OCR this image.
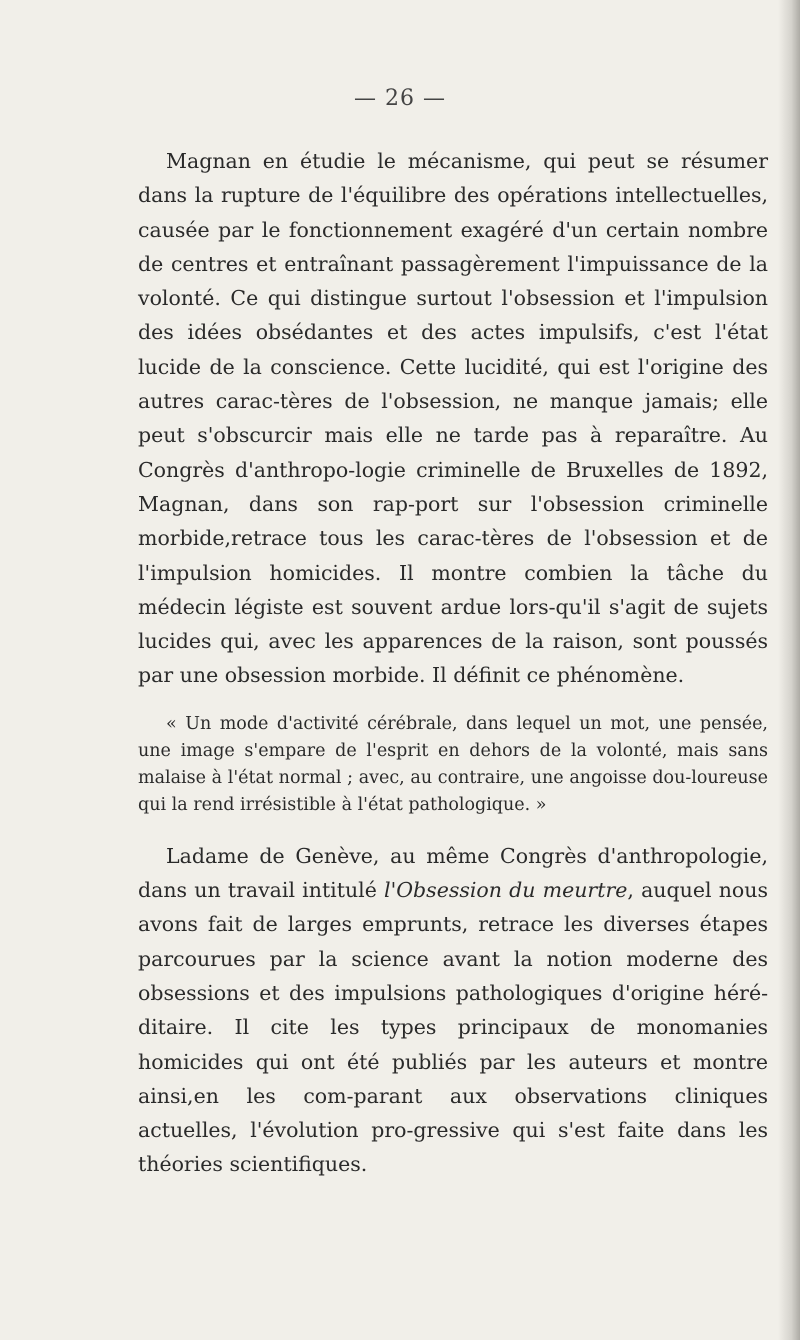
— 26 —

Magnan en étudie le mécanisme, qui peut se résumer dans la rupture de l'équilibre des opérations intellectuelles, causée par le fonctionnement exagéré d'un certain nombre de centres et entraînant passagèrement l'impuissance de la volonté. Ce qui distingue surtout l'obsession et l'impulsion des idées obsédantes et des actes impulsifs, c'est l'état lucide de la conscience. Cette lucidité, qui est l'origine des autres carac-tères de l'obsession, ne manque jamais; elle peut s'obscurcir mais elle ne tarde pas à reparaître. Au Congrès d'anthropo-logie criminelle de Bruxelles de 1892, Magnan, dans son rap-port sur l'obsession criminelle morbide,retrace tous les carac-tères de l'obsession et de l'impulsion homicides. Il montre combien la tâche du médecin légiste est souvent ardue lors-qu'il s'agit de sujets lucides qui, avec les apparences de la raison, sont poussés par une obsession morbide. Il définit ce phénomène.

« Un mode d'activité cérébrale, dans lequel un mot, une pensée, une image s'empare de l'esprit en dehors de la volonté, mais sans malaise à l'état normal ; avec, au contraire, une angoisse dou-loureuse qui la rend irrésistible à l'état pathologique. »

Ladame de Genève, au même Congrès d'anthropologie, dans un travail intitulé l'Obsession du meurtre, auquel nous avons fait de larges emprunts, retrace les diverses étapes parcourues par la science avant la notion moderne des obsessions et des impulsions pathologiques d'origine héré-ditaire. Il cite les types principaux de monomanies homicides qui ont été publiés par les auteurs et montre ainsi,en les com-parant aux observations cliniques actuelles, l'évolution pro-gressive qui s'est faite dans les théories scientifiques.
